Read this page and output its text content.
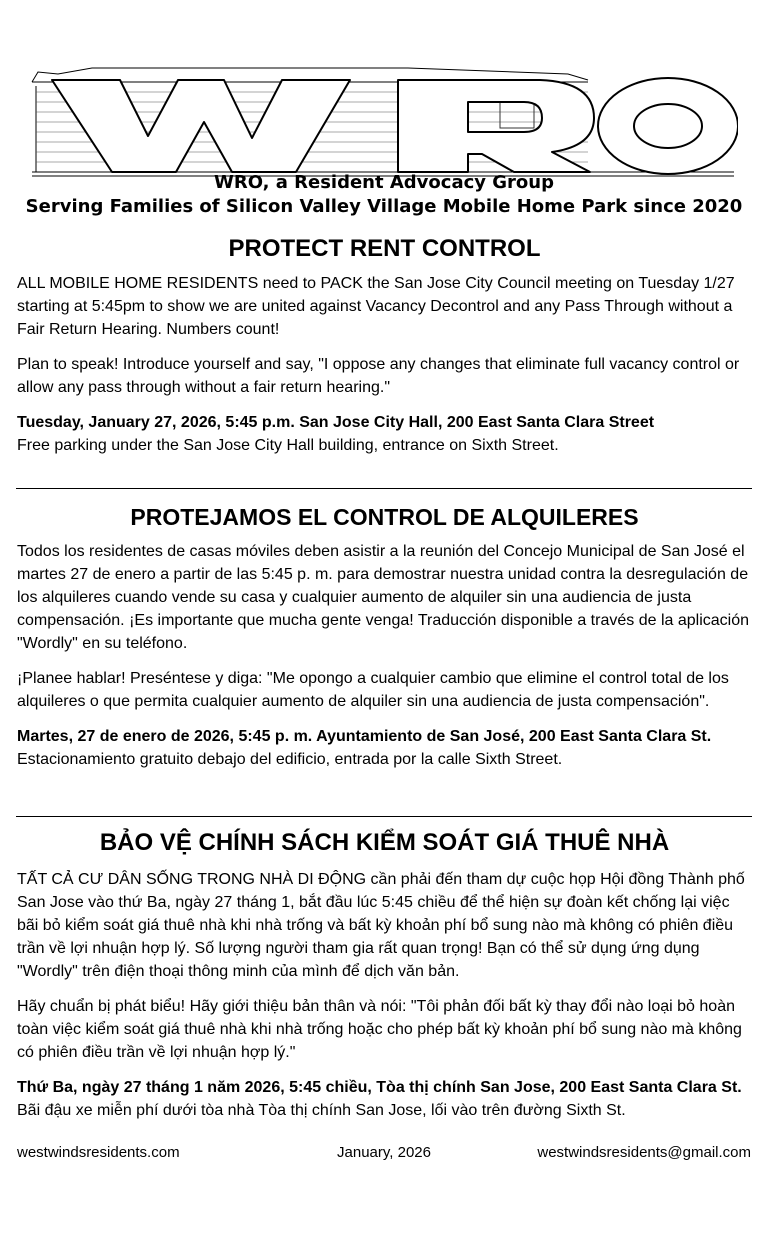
WRO, a Resident Advocacy Group
Serving Families of Silicon Valley Village Mobile Home Park since 2020
PROTECT RENT CONTROL

ALL MOBILE HOME RESIDENTS need to PACK the San Jose City Council meeting on Tuesday 1/27 starting at 5:45pm to show we are united against Vacancy Decontrol and any Pass Through without a Fair Return Hearing. Numbers count!

Plan to speak! Introduce yourself and say, "I oppose any changes that eliminate full vacancy control or allow any pass through without a fair return hearing."

Tuesday, January 27, 2026, 5:45 p.m. San Jose City Hall, 200 East Santa Clara Street
Free parking under the San Jose City Hall building, entrance on Sixth Street.

PROTEJAMOS EL CONTROL DE ALQUILERES

Todos los residentes de casas móviles deben asistir a la reunión del Concejo Municipal de San José el martes 27 de enero a partir de las 5:45 p. m. para demostrar nuestra unidad contra la desregulación de los alquileres cuando vende su casa y cualquier aumento de alquiler sin una audiencia de justa compensación. ¡Es importante que mucha gente venga! Traducción disponible a través de la aplicación "Wordly" en su teléfono.

¡Planee hablar! Preséntese y diga: "Me opongo a cualquier cambio que elimine el control total de los alquileres o que permita cualquier aumento de alquiler sin una audiencia de justa compensación".

Martes, 27 de enero de 2026, 5:45 p. m. Ayuntamiento de San José, 200 East Santa Clara St.
Estacionamiento gratuito debajo del edificio, entrada por la calle Sixth Street.

BẢO VỆ CHÍNH SÁCH KIỂM SOÁT GIÁ THUÊ NHÀ

TẤT CẢ CƯ DÂN SỐNG TRONG NHÀ DI ĐỘNG cần phải đến tham dự cuộc họp Hội đồng Thành phố San Jose vào thứ Ba, ngày 27 tháng 1, bắt đầu lúc 5:45 chiều để thể hiện sự đoàn kết chống lại việc bãi bỏ kiểm soát giá thuê nhà khi nhà trống và bất kỳ khoản phí bổ sung nào mà không có phiên điều trần về lợi nhuận hợp lý. Số lượng người tham gia rất quan trọng! Bạn có thể sử dụng ứng dụng "Wordly" trên điện thoại thông minh của mình để dịch văn bản.

Hãy chuẩn bị phát biểu! Hãy giới thiệu bản thân và nói: "Tôi phản đối bất kỳ thay đổi nào loại bỏ hoàn toàn việc kiểm soát giá thuê nhà khi nhà trống hoặc cho phép bất kỳ khoản phí bổ sung nào mà không có phiên điều trần về lợi nhuận hợp lý."

Thứ Ba, ngày 27 tháng 1 năm 2026, 5:45 chiều, Tòa thị chính San Jose, 200 East Santa Clara St.
Bãi đậu xe miễn phí dưới tòa nhà Tòa thị chính San Jose, lối vào trên đường Sixth St.

westwindsresidents.com	January, 2026	westwindsresidents@gmail.com
